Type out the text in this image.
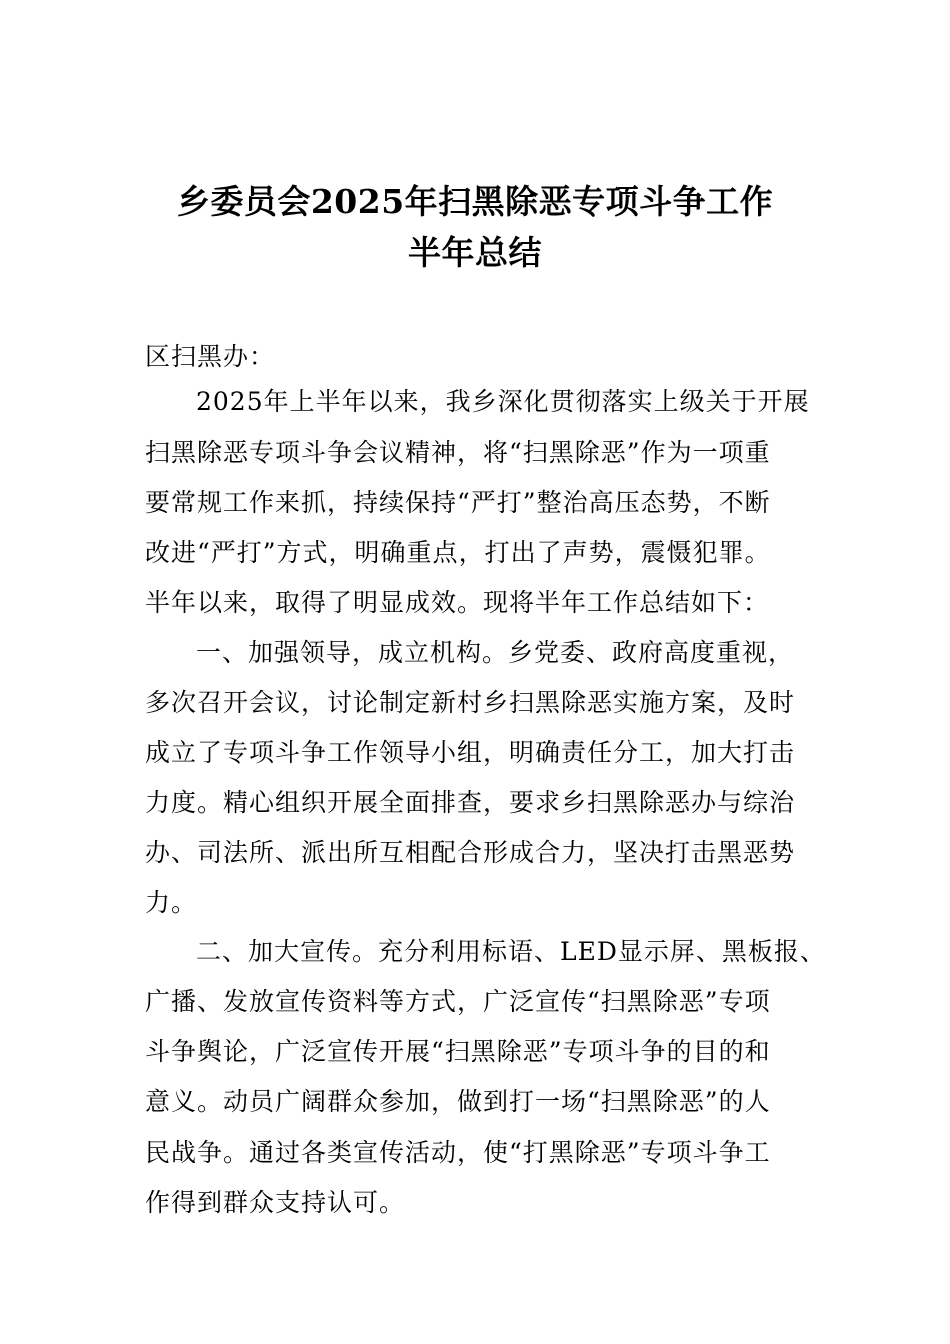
乡委员会2025年扫黑除恶专项斗争工作
半年总结
区扫黑办：
2025年上半年以来，我乡深化贯彻落实上级关于开展
扫黑除恶专项斗争会议精神，将“扫黑除恶”作为一项重
要常规工作来抓，持续保持“严打”整治高压态势，不断
改进“严打”方式，明确重点，打出了声势，震慑犯罪。
半年以来，取得了明显成效。现将半年工作总结如下：
一、加强领导，成立机构。乡党委、政府高度重视，
多次召开会议，讨论制定新村乡扫黑除恶实施方案，及时
成立了专项斗争工作领导小组，明确责任分工，加大打击
力度。精心组织开展全面排查，要求乡扫黑除恶办与综治
办、司法所、派出所互相配合形成合力，坚决打击黑恶势
力。
二、加大宣传。充分利用标语、LED显示屏、黑板报、
广播、发放宣传资料等方式，广泛宣传“扫黑除恶”专项
斗争舆论，广泛宣传开展“扫黑除恶”专项斗争的目的和
意义。动员广阔群众参加，做到打一场“扫黑除恶”的人
民战争。通过各类宣传活动，使“打黑除恶”专项斗争工
作得到群众支持认可。
